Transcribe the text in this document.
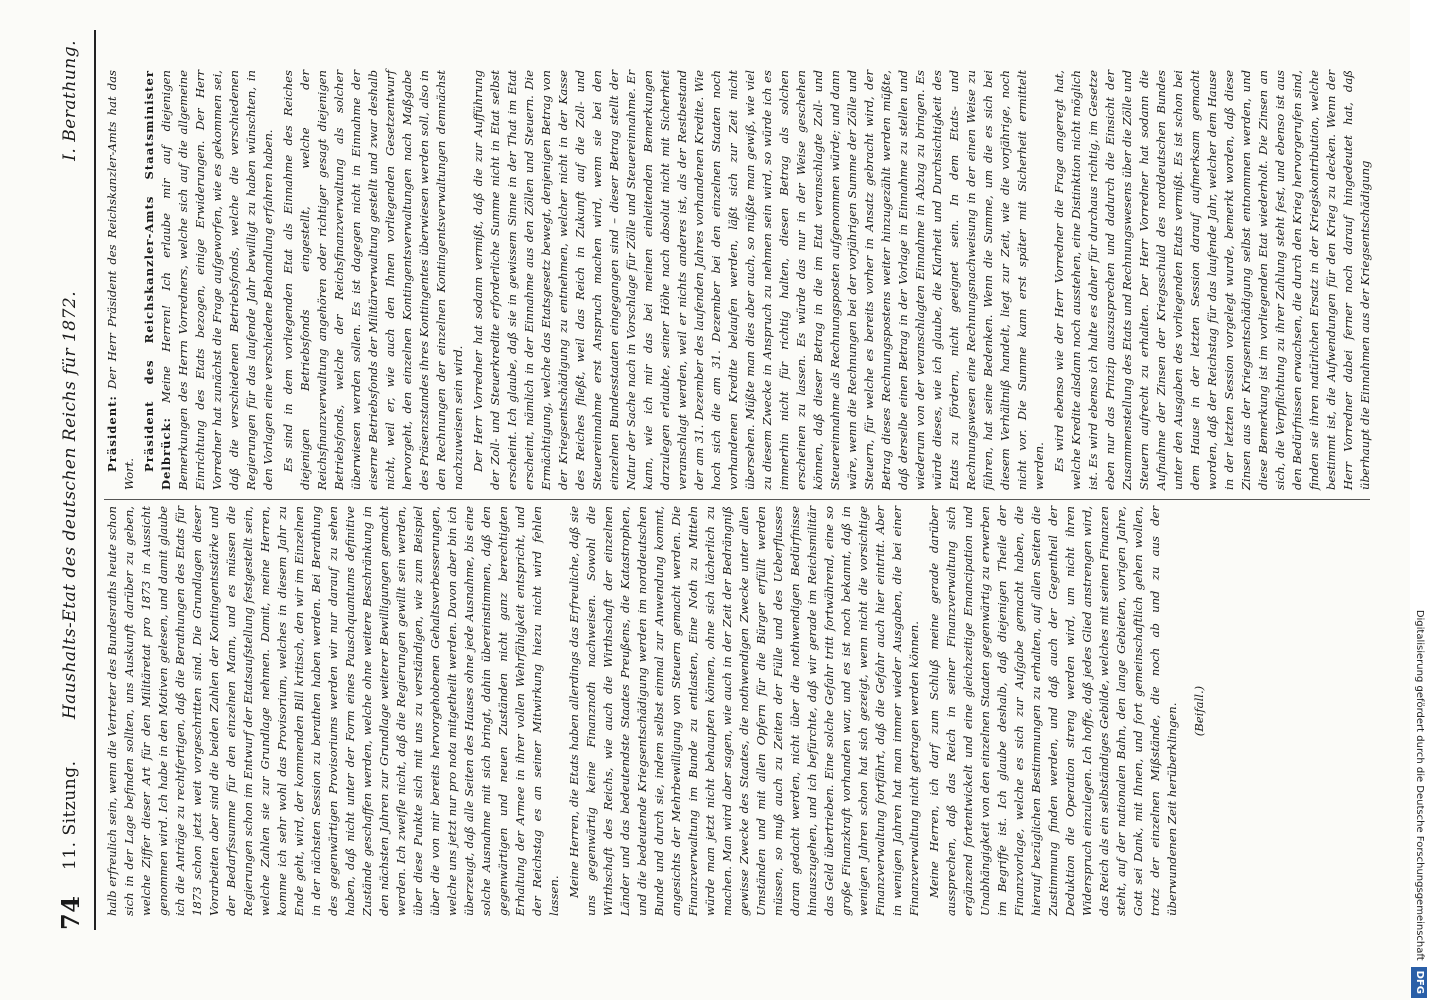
74
11. Sitzung.
Haushalts-Etat des deutschen Reichs für 1872.
I. Berathung.

halb erfreulich sein, wenn die Vertreter des Bundesraths heute schon sich in der Lage befinden sollten, uns Auskunft darüber zu geben, welche Ziffer dieser Art für den Militäretat pro 1873 in Aussicht genommen wird. Ich habe in den Motiven gelesen, und damit glaube ich die Anträge zu rechtfertigen, daß die Berathungen des Etats für 1873 schon jetzt weit vorgeschritten sind. Die Grundlagen dieser Vorarbeiten aber sind die beiden Zahlen der Kontingentsstärke und der Bedarfssumme für den einzelnen Mann, und es müssen die Regierungen schon im Entwurf der Etatsaufstellung festgestellt sein, welche Zahlen sie zur Grundlage nehmen. Damit, meine Herren, komme ich sehr wohl das Provisorium, welches in diesem Jahr zu Ende geht, wird, der kommenden Bill kritisch, den wir im Einzelnen in der nächsten Session zu berathen haben werden. Bei Berathung des gegenwärtigen Provisoriums werden wir nur darauf zu sehen haben, daß nicht unter der Form eines Pauschquantums definitive Zustände geschaffen werden, welche ohne weitere Beschränkung in den nächsten Jahren zur Grundlage weiterer Bewilligungen gemacht werden. Ich zweifle nicht, daß die Regierungen gewillt sein werden, über diese Punkte sich mit uns zu verständigen, wie zum Beispiel über die von mir bereits hervorgehobenen Gehaltsverbesserungen, welche uns jetzt nur pro nota mitgetheilt werden. Davon aber bin ich überzeugt, daß alle Seiten des Hauses ohne jede Ausnahme, bis eine solche Ausnahme mit sich bringt, dahin übereinstimmen, daß den gegenwärtigen und neuen Zuständen nicht ganz berechtigten Erhaltung der Armee in ihrer vollen Wehrfähigkeit entspricht, und der Reichstag es an seiner Mitwirkung hiezu nicht wird fehlen lassen. Meine Herren, die Etats haben allerdings das Erfreuliche, daß sie uns gegenwärtig keine Finanznoth nachweisen. Sowohl die Wirthschaft des Reichs, wie auch die Wirthschaft der einzelnen Länder und das bedeutendste Staates Preußens, die Katastrophen, und die bedeutende Kriegsentschädigung werden im norddeutschen Bunde und durch sie, indem selbst einmal zur Anwendung kommt, angesichts der Mehrbewilligung von Steuern gemacht werden. Die Finanzverwaltung im Bunde zu entlasten, Eine Noth zu Mitteln würde man jetzt nicht behaupten können, ohne sich lächerlich zu machen. Man wird aber sagen, wie auch in der Zeit der Bedrängniß gewisse Zwecke des Staates, die nothwendigen Zwecke unter allen Umständen und mit allen Opfern für die Bürger erfüllt werden müssen, so muß auch zu Zeiten der Fülle und des Ueberflusses daran gedacht werden, nicht über die nothwendigen Bedürfnisse hinauszugehen, und ich befürchte, daß wir gerade im Reichsmilitär das Geld übertrieben. Eine solche Gefahr tritt fortwährend, eine so große Finanzkraft vorhanden war, und es ist noch bekannt, daß in wenigen Jahren schon hat sich gezeigt, wenn nicht die vorsichtige Finanzverwaltung fortfährt, daß die Gefahr auch hier eintritt. Aber in wenigen Jahren hat man immer wieder Ausgaben, die bei einer Finanzverwaltung nicht getragen werden können. Meine Herren, ich darf zum Schluß meine gerade darüber aussprechen, daß das Reich in seiner Finanzverwaltung sich ergänzend fortentwickelt und eine gleichzeitige Emancipation und Unabhängigkeit von den einzelnen Staaten gegenwärtig zu erwerben im Begriffe ist. Ich glaube deshalb, daß diejenigen Theile der Finanzvorlage, welche es sich zur Aufgabe gemacht haben, die hierauf bezüglichen Bestimmungen zu erhalten, auf allen Seiten die Zustimmung finden werden, und daß auch der Gegentheil der Deduktion die Operation streng werden wird, um nicht ihren Widerspruch einzulegen. Ich hoffe, daß jedes Glied anstrengen wird, das Reich als ein selbständiges Gebilde, welches mit seinen Finanzen steht, auf der nationalen Bahn, den lange Gebieten, vorigen Jahre, Gott sei Dank, mit Ihnen, und fort gemeinschaftlich gehen wollen, trotz der einzelnen Mißstände, die noch ab und zu aus der überwundenen Zeit herüberklingen. (Beifall.)

Präsident: Der Herr Präsident des Reichskanzler-Amts hat das Wort.

Präsident des Reichskanzler-Amts Staatsminister Delbrück: Meine Herren! Ich erlaube mir auf diejenigen Bemerkungen des Herrn Vorredners, welche sich auf die allgemeine Einrichtung des Etats bezogen, einige Erwiderungen. Der Herr Vorredner hat zunächst die Frage aufgeworfen, wie es gekommen sei, daß die verschiedenen Betriebsfonds, welche die verschiedenen Regierungen für das laufende Jahr bewilligt zu haben wünschten, in den Vorlagen eine verschiedene Behandlung erfahren haben. Es sind in dem vorliegenden Etat als Einnahme des Reiches diejenigen Betriebsfonds eingestellt, welche der Reichsfinanzverwaltung angehören oder richtiger gesagt diejenigen Betriebsfonds, welche der Reichsfinanzverwaltung als solcher überwiesen werden sollen. Es ist dagegen nicht in Einnahme der eiserne Betriebsfonds der Militärverwaltung gestellt und zwar deshalb nicht, weil er, wie auch den Ihnen vorliegenden Gesetzentwurf hervorgeht, den einzelnen Kontingentsverwaltungen nach Maßgabe des Präsenzstandes ihres Kontingentes überwiesen werden soll, also in den Rechnungen der einzelnen Kontingentsverwaltungen demnächst nachzuweisen sein wird. Der Herr Vorredner hat sodann vermißt, daß die zur Aufführung der Zoll- und Steuerkredite erforderliche Summe nicht in Etat selbst erscheint. Ich glaube, daß sie in gewissem Sinne in der That im Etat erscheint, nämlich in der Einnahme aus den Zöllen und Steuern. Die Ermächtigung, welche das Etatsgesetz bewegt, denjenigen Betrag von der Kriegsentschädigung zu entnehmen, welcher nicht in der Kasse des Reiches fließt, weil das Reich in Zukunft auf die Zoll- und Steuereinnahme erst Anspruch machen wird, wenn sie bei den einzelnen Bundesstaaten eingegangen sind – dieser Betrag stellt der Natur der Sache nach in Vorschlage für Zölle und Steuereinnahme. Er kann, wie ich mir das bei meinen einleitenden Bemerkungen darzulegen erlaubte, seiner Höhe nach absolut nicht mit Sicherheit veranschlagt werden, weil er nichts anderes ist, als der Restbestand der am 31. Dezember des laufenden Jahres vorhandenen Kredite. Wie hoch sich die am 31. Dezember bei den einzelnen Staaten noch vorhandenen Kredite belaufen werden, läßt sich zur Zeit nicht übersehen. Müßte man dies aber auch, so müßte man gewiß, wie viel zu diesem Zwecke in Anspruch zu nehmen sein wird, so würde ich es immerhin nicht für richtig halten, diesen Betrag als solchen erscheinen zu lassen. Es würde das nur in der Weise geschehen können, daß dieser Betrag in die im Etat veranschlagte Zoll- und Steuereinnahme als Rechnungsposten aufgenommen würde; und dann wäre, wenn die Rechnungen bei der vorjährigen Summe der Zölle und Steuern, für welche es bereits vorher in Ansatz gebracht wird, der Betrag dieses Rechnungspostens weiter hinzugezählt werden müßte, daß derselbe einen Betrag in der Vorlage in Einnahme zu stellen und wiederum von der veranschlagten Einnahme in Abzug zu bringen. Es würde dieses, wie ich glaube, die Klarheit und Durchsichtigkeit des Etats zu fördern, nicht geeignet sein. In dem Etats- und Rechnungswesen eine Rechnungsnachweisung in der einen Weise zu führen, hat seine Bedenken. Wenn die Summe, um die es sich bei diesem Verhältniß handelt, liegt zur Zeit, wie die vorjährige, noch nicht vor. Die Summe kann erst später mit Sicherheit ermittelt werden. Es wird ebenso wie der Herr Vorredner die Frage angeregt hat, welche Kredite alsdann noch ausstehen, eine Distinktion nicht möglich ist. Es wird ebenso ich halte es daher für durchaus richtig, im Gesetze eben nur das Prinzip auszusprechen und dadurch die Einsicht der Zusammenstellung des Etats und Rechnungswesens über die Zölle und Steuern aufrecht zu erhalten. Der Herr Vorredner hat sodann die Aufnahme der Zinsen der Kriegsschuld des norddeutschen Bundes unter den Ausgaben des vorliegenden Etats vermißt. Es ist schon bei dem Hause in der letzten Session darauf aufmerksam gemacht worden, daß der Reichstag für das laufende Jahr, welcher dem Hause in der letzten Session vorgelegt wurde, bemerkt worden, daß diese Zinsen aus der Kriegsentschädigung selbst entnommen werden, und diese Bemerkung ist im vorliegenden Etat wiederholt. Die Zinsen an sich, die Verpflichtung zu ihrer Zahlung steht fest, und ebenso ist aus den Bedürfnissen erwachsen, die durch den Krieg hervorgerufen sind, finden sie ihren natürlichen Ersatz in der Kriegskontribution, welche bestimmt ist, die Aufwendungen für den Krieg zu decken. Wenn der Herr Vorredner dabei ferner noch darauf hingedeutet hat, daß überhaupt die Einnahmen aus der Kriegsentschädigung

Digitalisierung gefördert durch die Deutsche ForschungsgemeinschaftDFG
